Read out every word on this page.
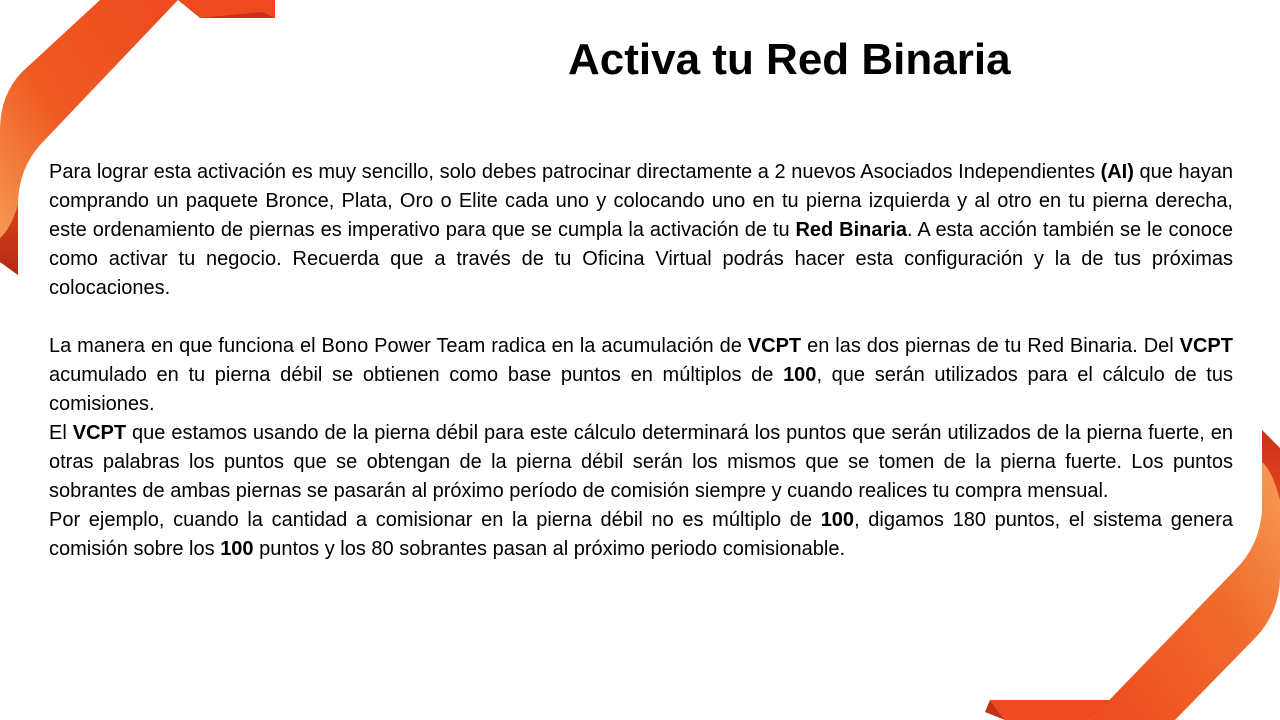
Activa tu Red Binaria

Para lograr esta activación es muy sencillo, solo debes patrocinar directamente a 2 nuevos Asociados Independientes (AI) que hayan comprando un paquete Bronce, Plata, Oro o Elite cada uno y colocando uno en tu pierna izquierda y al otro en tu pierna derecha, este ordenamiento de piernas es imperativo para que se cumpla la activación de tu Red Binaria. A esta acción también se le conoce como activar tu negocio. Recuerda que a través de tu Oficina Virtual podrás hacer esta configuración y la de tus próximas colocaciones.

La manera en que funciona el Bono Power Team radica en la acumulación de VCPT en las dos piernas de tu Red Binaria. Del VCPT acumulado en tu pierna débil se obtienen como base puntos en múltiplos de 100, que serán utilizados para el cálculo de tus comisiones.

El VCPT que estamos usando de la pierna débil para este cálculo determinará los puntos que serán utilizados de la pierna fuerte, en otras palabras los puntos que se obtengan de la pierna débil serán los mismos que se tomen de la pierna fuerte. Los puntos sobrantes de ambas piernas se pasarán al próximo período de comisión siempre y cuando realices tu compra mensual.

Por ejemplo, cuando la cantidad a comisionar en la pierna débil no es múltiplo de 100, digamos 180 puntos, el sistema genera comisión sobre los 100 puntos y los 80 sobrantes pasan al próximo periodo comisionable.
